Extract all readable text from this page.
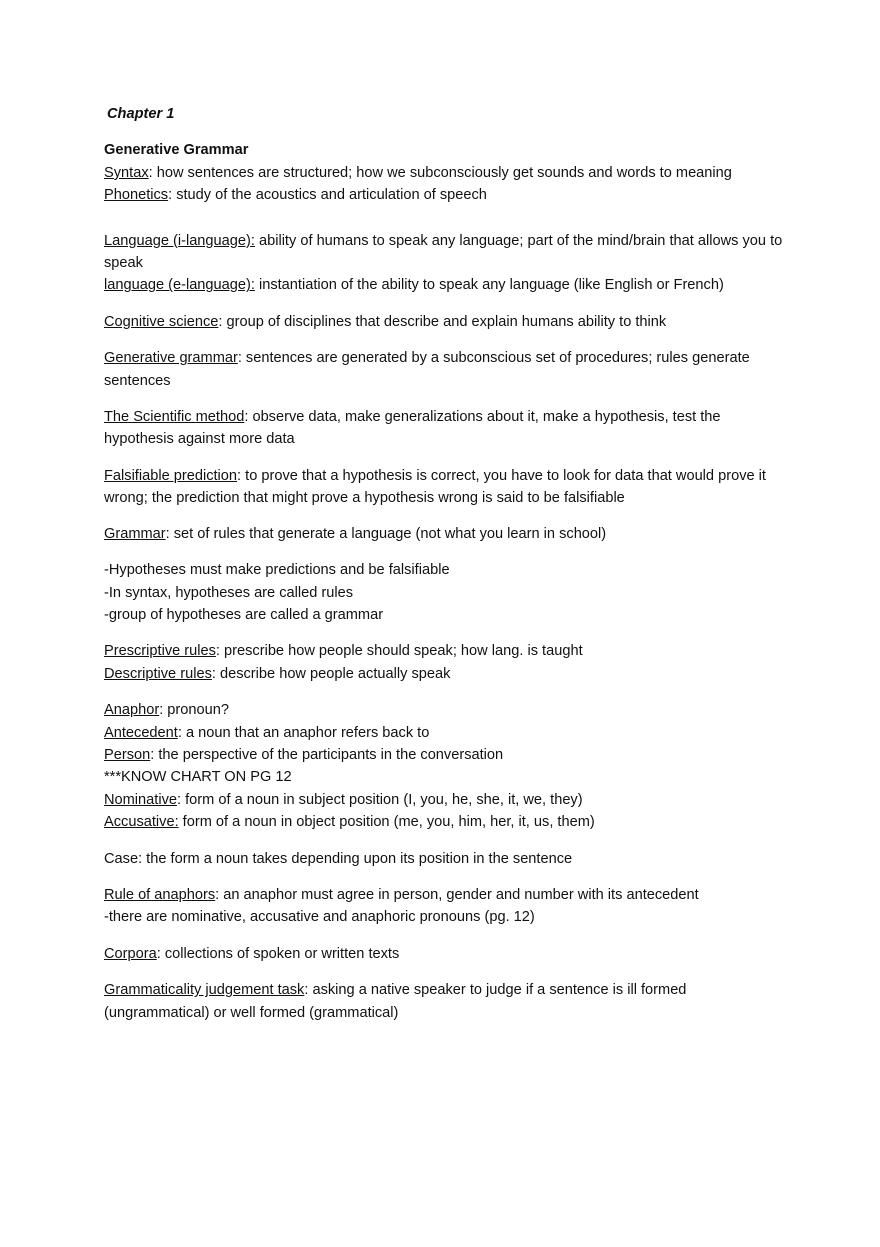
Chapter 1
Generative Grammar

Syntax: how sentences are structured; how we subconsciously get sounds and words to meaning

Phonetics: study of the acoustics and articulation of speech

Language (i-language): ability of humans to speak any language; part of the mind/brain that allows you to speak

language (e-language): instantiation of the ability to speak any language (like English or French)

Cognitive science: group of disciplines that describe and explain humans ability to think

Generative grammar: sentences are generated by a subconscious set of procedures; rules generate sentences

The Scientific method: observe data, make generalizations about it, make a hypothesis, test the hypothesis against more data

Falsifiable prediction: to prove that a hypothesis is correct, you have to look for data that would prove it wrong; the prediction that might prove a hypothesis wrong is said to be falsifiable

Grammar: set of rules that generate a language (not what you learn in school)

-Hypotheses must make predictions and be falsifiable

-In syntax, hypotheses are called rules

-group of hypotheses are called a grammar

Prescriptive rules: prescribe how people should speak; how lang. is taught

Descriptive rules: describe how people actually speak

Anaphor: pronoun?

Antecedent: a noun that an anaphor refers back to

Person: the perspective of the participants in the conversation

***KNOW CHART ON PG 12

Nominative: form of a noun in subject position (I, you, he, she, it, we, they)

Accusative: form of a noun in object position (me, you, him, her, it, us, them)

Case: the form a noun takes depending upon its position in the sentence

Rule of anaphors: an anaphor must agree in person, gender and number with its antecedent

-there are nominative, accusative and anaphoric pronouns (pg. 12)

Corpora: collections of spoken or written texts

Grammaticality judgement task: asking a native speaker to judge if a sentence is ill formed (ungrammatical) or well formed (grammatical)
